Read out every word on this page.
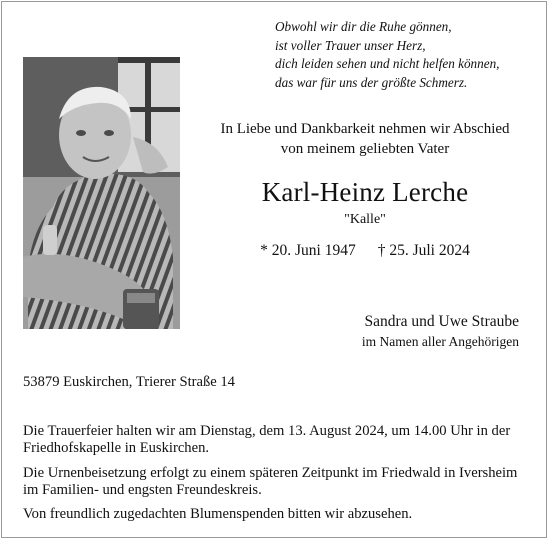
Obwohl wir dir die Ruhe gönnen,
ist voller Trauer unser Herz,
dich leiden sehen und nicht helfen können,
das war für uns der größte Schmerz.
In Liebe und Dankbarkeit nehmen wir Abschied
von meinem geliebten Vater
Karl-Heinz Lerche
"Kalle"
* 20. Juni 1947 † 25. Juli 2024
Sandra und Uwe Straube
im Namen aller Angehörigen
53879 Euskirchen, Trierer Straße 14

Die Trauerfeier halten wir am Dienstag, dem 13. August 2024, um 14.00 Uhr in der Friedhofskapelle in Euskirchen.

Die Urnenbeisetzung erfolgt zu einem späteren Zeitpunkt im Friedwald in Iversheim im Familien- und engsten Freundeskreis.

Von freundlich zugedachten Blumenspenden bitten wir abzusehen.
